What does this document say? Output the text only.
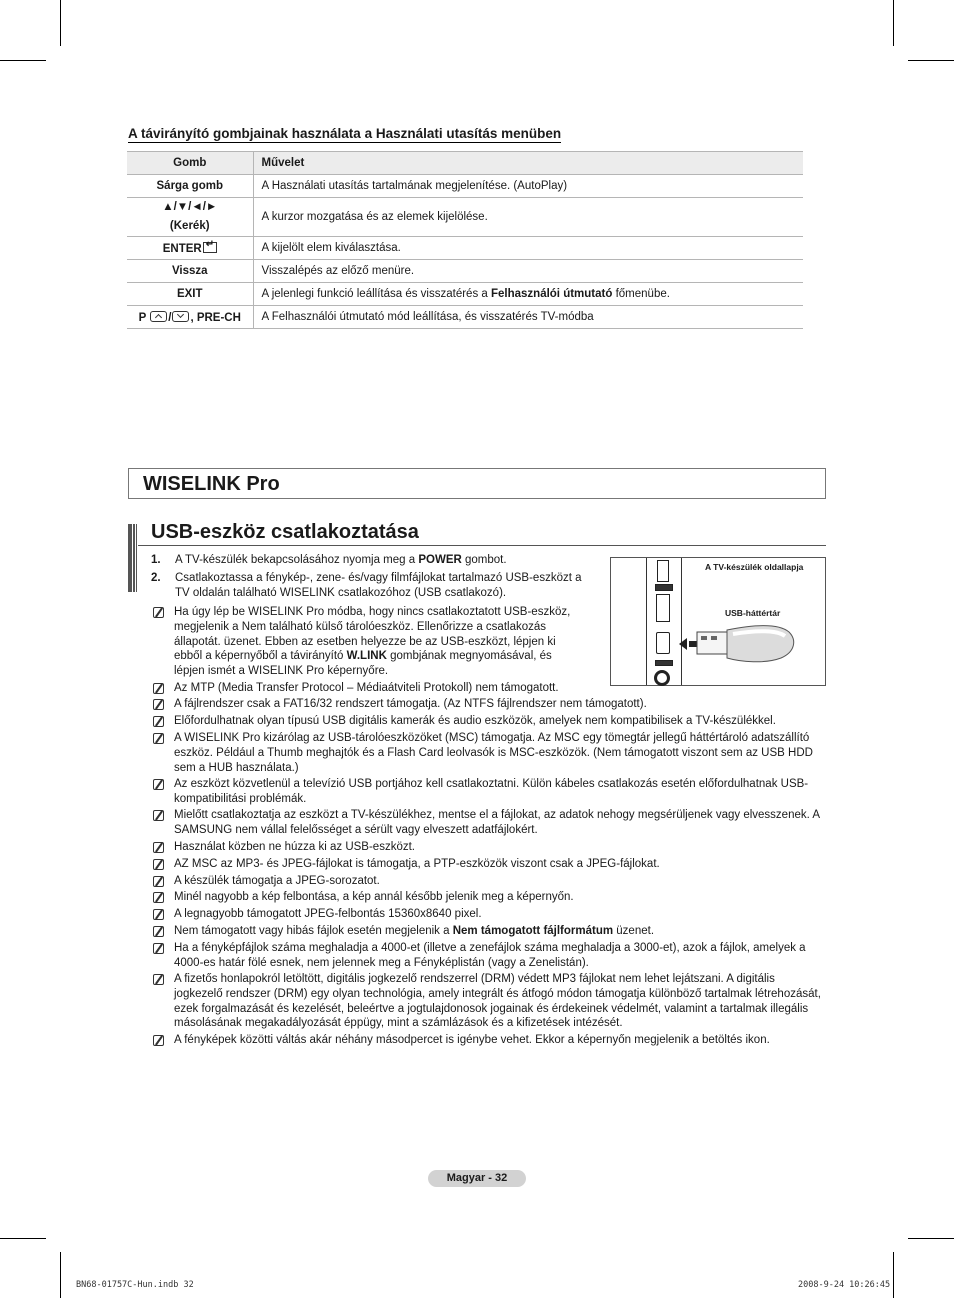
A távirányító gombjainak használata a Használati utasítás menüben
Gomb	Művelet
Sárga gomb	A Használati utasítás tartalmának megjelenítése. (AutoPlay)
▲/▼/◄/►
(Kerék)	A kurzor mozgatása és az elemek kijelölése.
ENTER↵	A kijelölt elem kiválasztása.
Vissza	Visszalépés az előző menüre.
EXIT	A jelenlegi funkció leállítása és visszatérés a Felhasználói útmutató főmenübe.
P / , PRE-CH	A Felhasználói útmutató mód leállítása, és visszatérés TV-módba
WISELINK Pro
USB-eszköz csatlakoztatása
1. A TV-készülék bekapcsolásához nyomja meg a POWER gombot.
2. Csatlakoztassa a fénykép-, zene- és/vagy filmfájlokat tartalmazó USB-eszközt a TV oldalán található WISELINK csatlakozóhoz (USB csatlakozó).
A TV-készülék oldallapja
USB-háttértár
Ha úgy lép be WISELINK Pro módba, hogy nincs csatlakoztatott USB-eszköz, megjelenik a Nem található külső tárolóeszköz. Ellenőrizze a csatlakozás állapotát. üzenet. Ebben az esetben helyezze be az USB-eszközt, lépjen ki ebből a képernyőből a távirányító W.LINK gombjának megnyomásával, és lépjen ismét a WISELINK Pro képernyőre.
Az MTP (Media Transfer Protocol – Médiaátviteli Protokoll) nem támogatott.
A fájlrendszer csak a FAT16/32 rendszert támogatja. (Az NTFS fájlrendszer nem támogatott).
Előfordulhatnak olyan típusú USB digitális kamerák és audio eszközök, amelyek nem kompatibilisek a TV-készülékkel.
A WISELINK Pro kizárólag az USB-tárolóeszközöket (MSC) támogatja. Az MSC egy tömegtár jellegű háttértároló adatszállító eszköz. Például a Thumb meghajtók és a Flash Card leolvasók is MSC-eszközök. (Nem támogatott viszont sem az USB HDD sem a HUB használata.)
Az eszközt közvetlenül a televízió USB portjához kell csatlakoztatni. Külön kábeles csatlakozás esetén előfordulhatnak USB-kompatibilitási problémák.
Mielőtt csatlakoztatja az eszközt a TV-készülékhez, mentse el a fájlokat, az adatok nehogy megsérüljenek vagy elvesszenek. A SAMSUNG nem vállal felelősséget a sérült vagy elveszett adatfájlokért.
Használat közben ne húzza ki az USB-eszközt.
AZ MSC az MP3- és JPEG-fájlokat is támogatja, a PTP-eszközök viszont csak a JPEG-fájlokat.
A készülék támogatja a JPEG-sorozatot.
Minél nagyobb a kép felbontása, a kép annál később jelenik meg a képernyőn.
A legnagyobb támogatott JPEG-felbontás 15360x8640 pixel.
Nem támogatott vagy hibás fájlok esetén megjelenik a Nem támogatott fájlformátum üzenet.
Ha a fényképfájlok száma meghaladja a 4000-et (illetve a zenefájlok száma meghaladja a 3000-et), azok a fájlok, amelyek a 4000-es határ fölé esnek, nem jelennek meg a Fényképlistán (vagy a Zenelistán).
A fizetős honlapokról letöltött, digitális jogkezelő rendszerrel (DRM) védett MP3 fájlokat nem lehet lejátszani. A digitális jogkezelő rendszer (DRM) egy olyan technológia, amely integrált és átfogó módon támogatja különböző tartalmak létrehozását, ezek forgalmazását és kezelését, beleértve a jogtulajdonosok jogainak és érdekeinek védelmét, valamint a tartalmak illegális másolásának megakadályozását éppügy, mint a számlázások és a kifizetések intézését.
A fényképek közötti váltás akár néhány másodpercet is igénybe vehet. Ekkor a képernyőn megjelenik a betöltés ikon.
Magyar - 32
BN68-01757C-Hun.indb 32	2008-9-24 10:26:45
